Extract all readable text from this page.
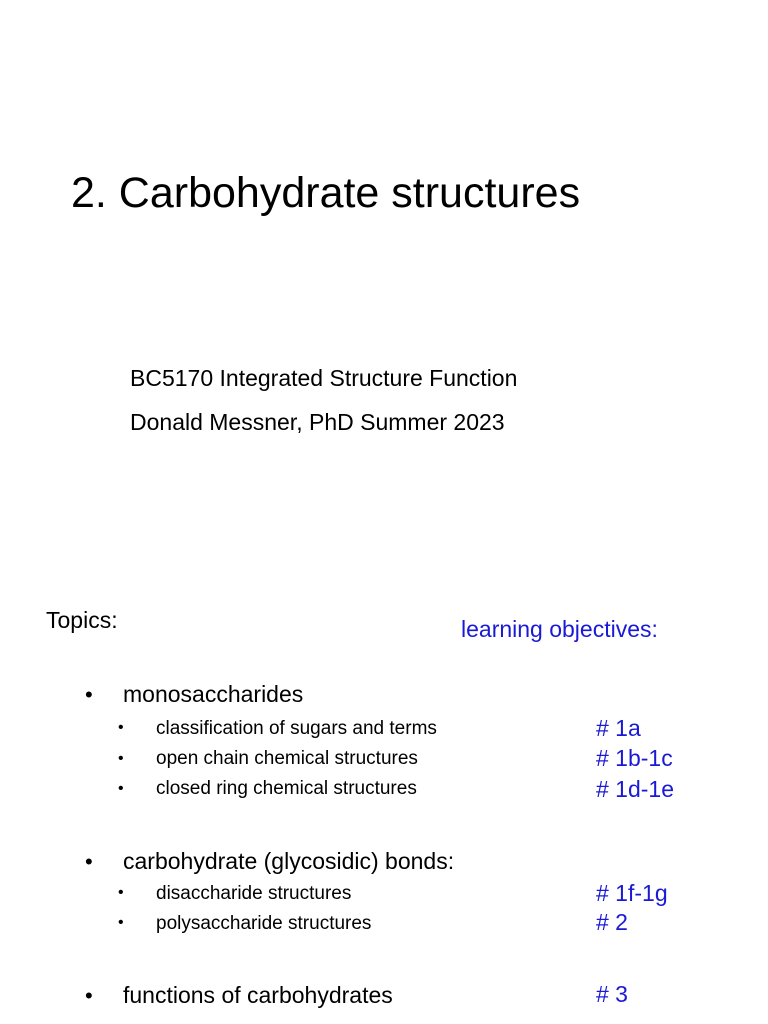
2. Carbohydrate structures
BC5170 Integrated Structure Function
Donald Messner, PhD Summer 2023
Topics:	learning objectives:
• monosaccharides
• classification of sugars and terms	# 1a
• open chain chemical structures	# 1b-1c
• closed ring chemical structures	# 1d-1e
• carbohydrate (glycosidic) bonds:
• disaccharide structures	# 1f-1g
• polysaccharide structures	# 2
• functions of carbohydrates	# 3
